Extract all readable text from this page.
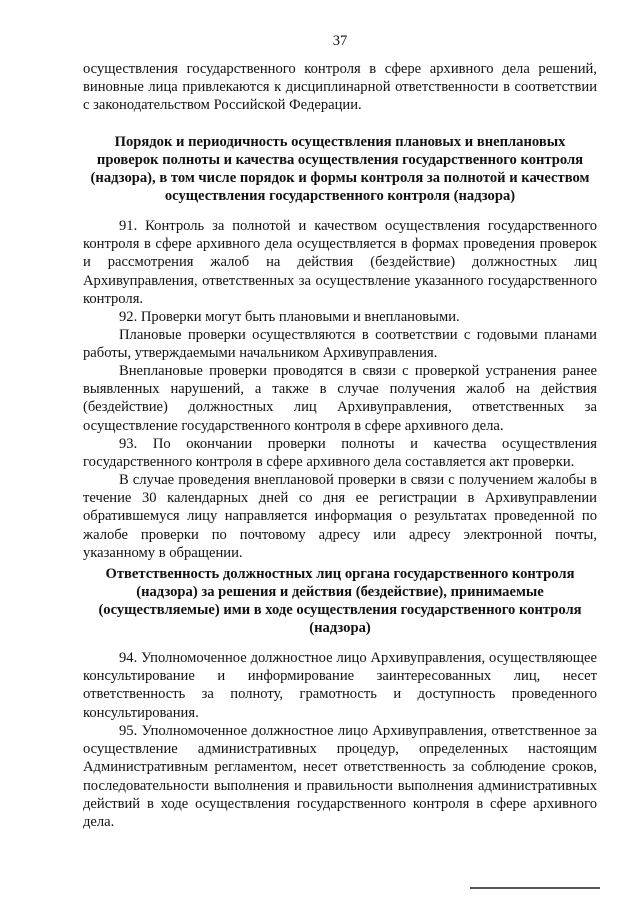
37

осуществления государственного контроля в сфере архивного дела решений, виновные лица привлекаются к дисциплинарной ответственности в соответствии с законодательством Российской Федерации.

Порядок и периодичность осуществления плановых и внеплановых проверок полноты и качества осуществления государственного контроля (надзора), в том числе порядок и формы контроля за полнотой и качеством осуществления государственного контроля (надзора)

91. Контроль за полнотой и качеством осуществления государственного контроля в сфере архивного дела осуществляется в формах проведения проверок и рассмотрения жалоб на действия (бездействие) должностных лиц Архивуправления, ответственных за осуществление указанного государственного контроля.

92. Проверки могут быть плановыми и внеплановыми.

Плановые проверки осуществляются в соответствии с годовыми планами работы, утверждаемыми начальником Архивуправления.

Внеплановые проверки проводятся в связи с проверкой устранения ранее выявленных нарушений, а также в случае получения жалоб на действия (бездействие) должностных лиц Архивуправления, ответственных за осуществление государственного контроля в сфере архивного дела.

93. По окончании проверки полноты и качества осуществления государственного контроля в сфере архивного дела составляется акт проверки.

В случае проведения внеплановой проверки в связи с получением жалобы в течение 30 календарных дней со дня ее регистрации в Архивуправлении обратившемуся лицу направляется информация о результатах проведенной по жалобе проверки по почтовому адресу или адресу электронной почты, указанному в обращении.

Ответственность должностных лиц органа государственного контроля (надзора) за решения и действия (бездействие), принимаемые (осуществляемые) ими в ходе осуществления государственного контроля (надзора)

94. Уполномоченное должностное лицо Архивуправления, осуществляющее консультирование и информирование заинтересованных лиц, несет ответственность за полноту, грамотность и доступность проведенного консультирования.

95. Уполномоченное должностное лицо Архивуправления, ответственное за осуществление административных процедур, определенных настоящим Административным регламентом, несет ответственность за соблюдение сроков, последовательности выполнения и правильности выполнения административных действий в ходе осуществления государственного контроля в сфере архивного дела.
